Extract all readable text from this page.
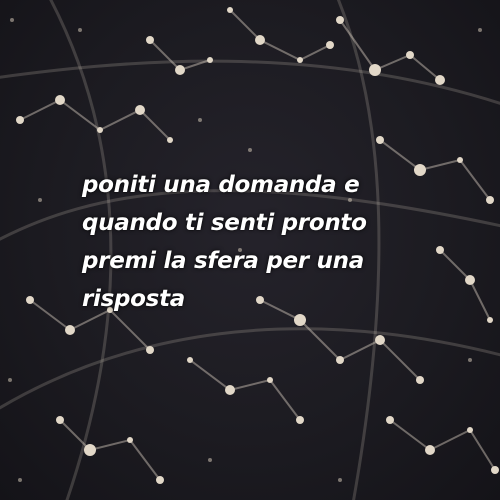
poniti una domanda e
quando ti senti pronto
premi la sfera per una
risposta
